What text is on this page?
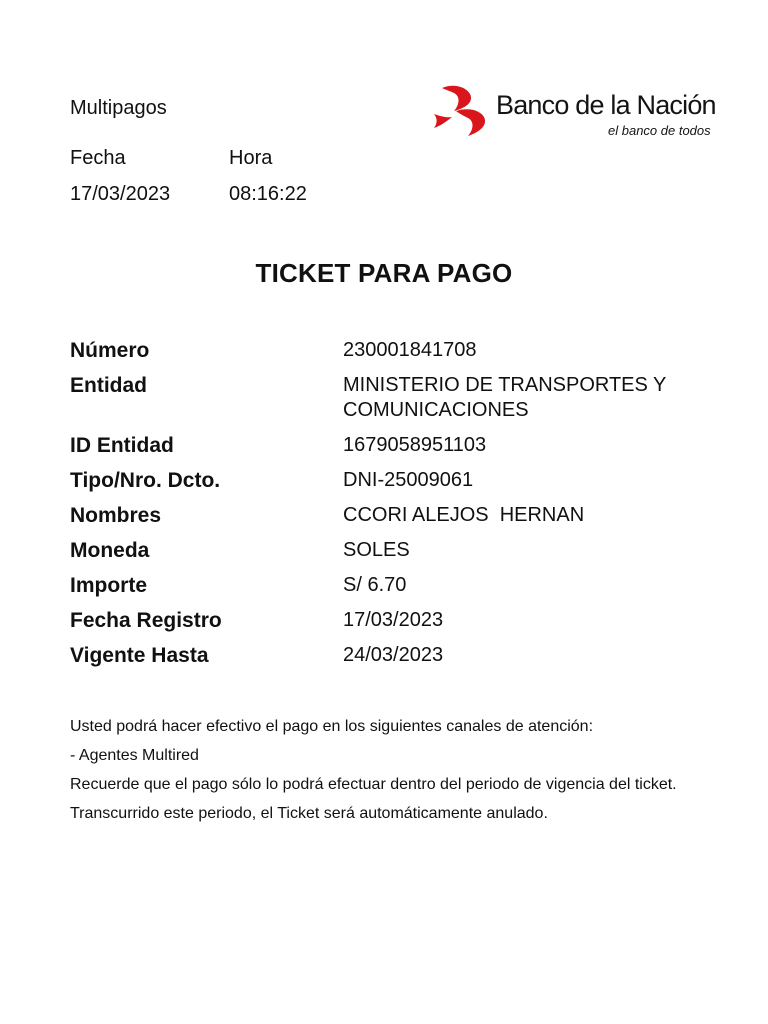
Multipagos	Banco de la Nación
el banco de todos
Fecha	Hora
17/03/2023	08:16:22
TICKET PARA PAGO
Número	230001841708
Entidad	MINISTERIO DE TRANSPORTES Y
COMUNICACIONES
ID Entidad	1679058951103
Tipo/Nro. Dcto.	DNI-25009061
Nombres	CCORI ALEJOS  HERNAN
Moneda	SOLES
Importe	S/ 6.70
Fecha Registro	17/03/2023
Vigente Hasta	24/03/2023

Usted podrá hacer efectivo el pago en los siguientes canales de atención:

- Agentes Multired

Recuerde que el pago sólo lo podrá efectuar dentro del periodo de vigencia del ticket.

Transcurrido este periodo, el Ticket será automáticamente anulado.
